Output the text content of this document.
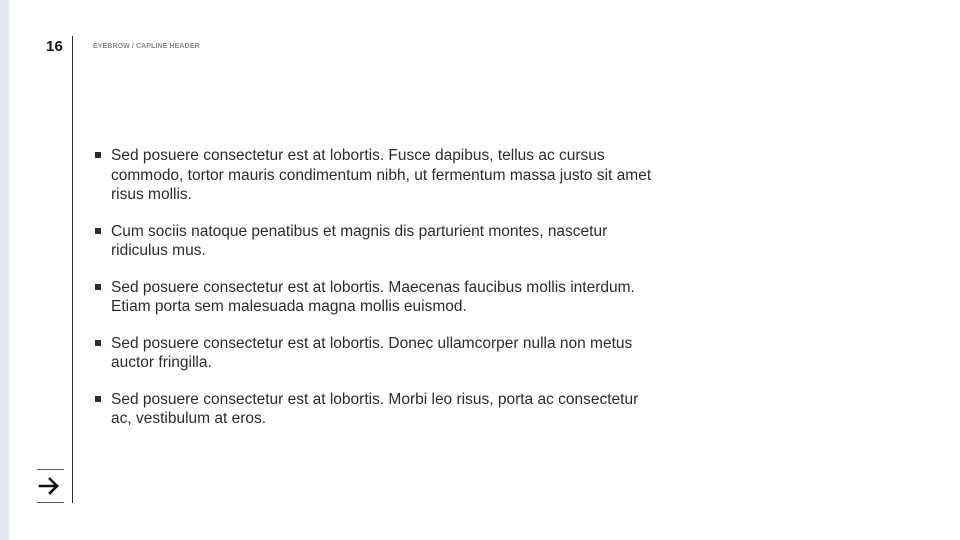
16	EYEBROW / CAPLINE HEADER
Sed posuere consectetur est at lobortis. Fusce dapibus, tellus ac cursus commodo, tortor mauris condimentum nibh, ut fermentum massa justo sit amet risus mollis.
Cum sociis natoque penatibus et magnis dis parturient montes, nascetur ridiculus mus.
Sed posuere consectetur est at lobortis. Maecenas faucibus mollis interdum. Etiam porta sem malesuada magna mollis euismod.
Sed posuere consectetur est at lobortis. Donec ullamcorper nulla non metus auctor fringilla.
Sed posuere consectetur est at lobortis. Morbi leo risus, porta ac consectetur ac, vestibulum at eros.
